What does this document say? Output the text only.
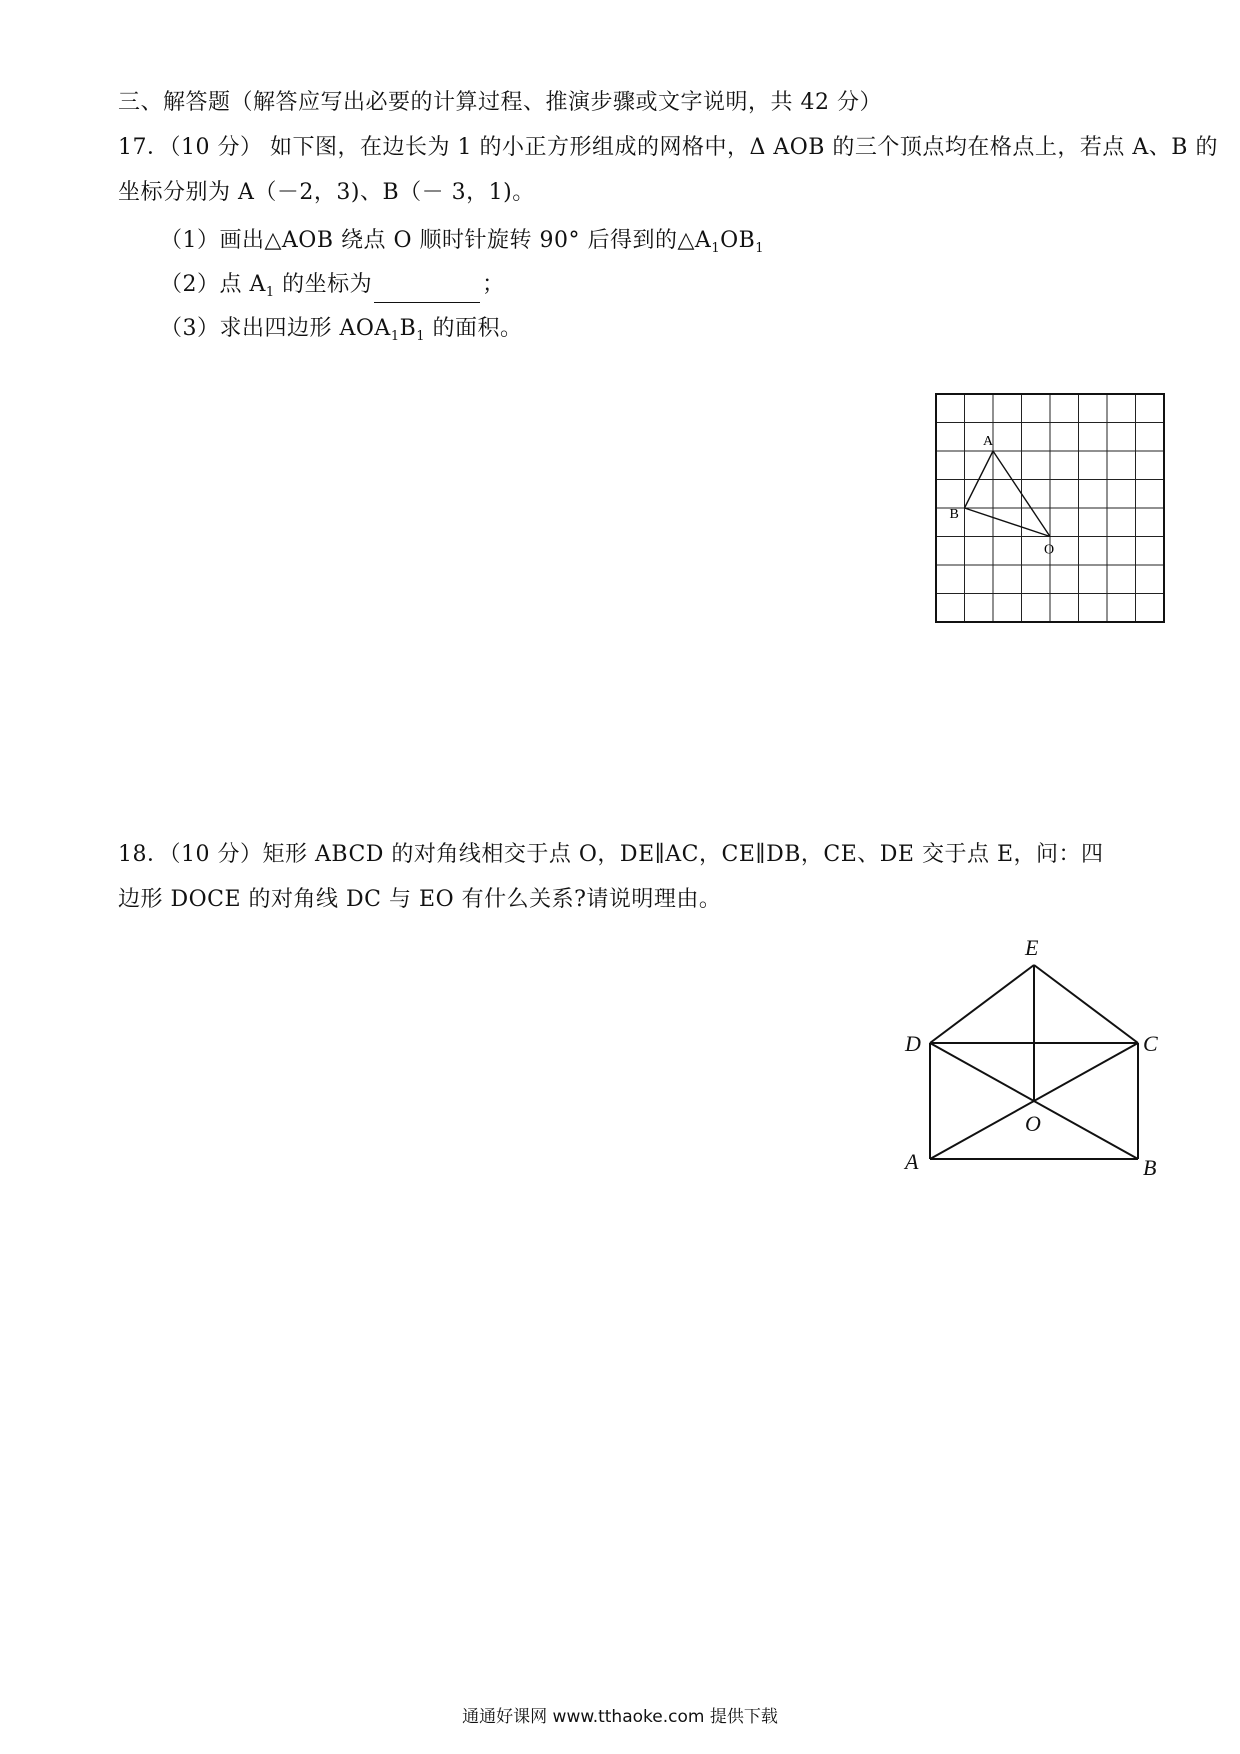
三、解答题（解答应写出必要的计算过程、推演步骤或文字说明，共 42 分）
17．（10 分） 如下图，在边长为 1 的小正方形组成的网格中，Δ AOB 的三个顶点均在格点上，若点 A、B 的
坐标分别为 A（－2，3)、B（－ 3，1)。
（1）画出△AOB 绕点 O 顺时针旋转 90° 后得到的$\triangle A_1OB_1$
（2）点 $A_1$ 的坐标为	；
（3）求出四边形 $AOA_1B_1$ 的面积。
A
B
O
18．（10 分）矩形 ABCD 的对角线相交于点 O，DE∥AC，CE∥DB，CE、DE 交于点 E，问：四
边形 DOCE 的对角线 DC 与 EO 有什么关系?请说明理由。
E
D	C
O
A	B
通通好课网 www.tthaoke.com 提供下载
